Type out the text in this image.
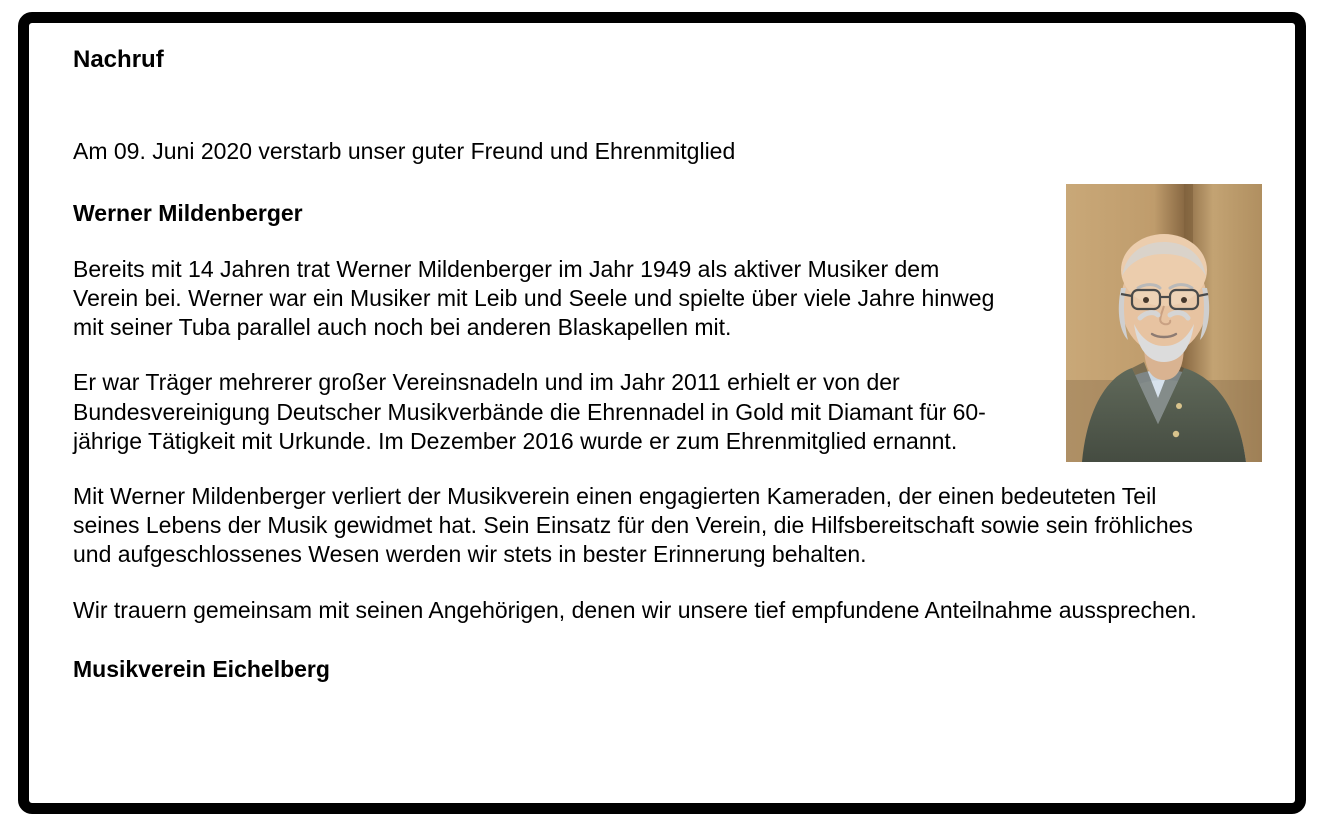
Nachruf
Am 09. Juni 2020 verstarb unser guter Freund und Ehrenmitglied
Werner Mildenberger
Bereits mit 14 Jahren trat Werner Mildenberger im Jahr 1949 als aktiver Musiker dem Verein bei. Werner war ein Musiker mit Leib und Seele und spielte über viele Jahre hinweg mit seiner Tuba parallel auch noch bei anderen Blaskapellen mit.
Er war Träger mehrerer großer Vereinsnadeln und im Jahr 2011 erhielt er von der Bundesvereinigung Deutscher Musikverbände die Ehrennadel in Gold mit Diamant für 60-jährige Tätigkeit mit Urkunde. Im Dezember 2016 wurde er zum Ehrenmitglied ernannt.
Mit Werner Mildenberger verliert der Musikverein einen engagierten Kameraden, der einen bedeuteten Teil seines Lebens der Musik gewidmet hat. Sein Einsatz für den Verein, die Hilfsbereitschaft sowie sein fröhliches und aufgeschlossenes Wesen werden wir stets in bester Erinnerung behalten.
Wir trauern gemeinsam mit seinen Angehörigen, denen wir unsere tief empfundene Anteilnahme aussprechen.
Musikverein Eichelberg
